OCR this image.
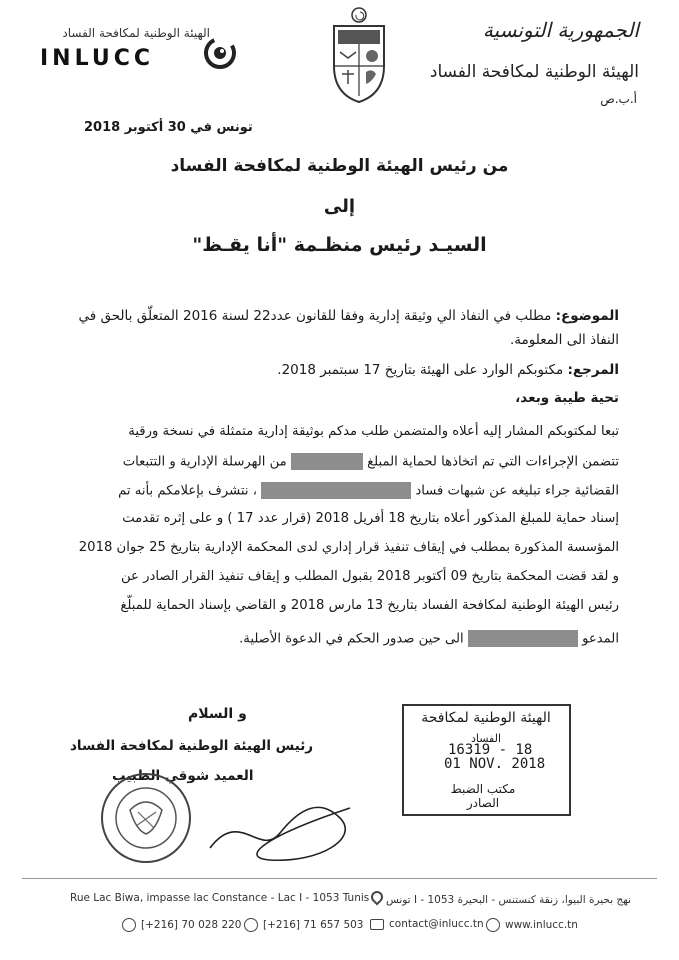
الجمهورية التونسية
الهيئة الوطنية لمكافحة الفساد
أ.ب.ص
الهيئة الوطنية لمكافحة الفساد
INLUCC
تونس في 30 أكتوبر 2018
من رئيس الهيئة الوطنية لمكافحة الفساد
إلى
السيـد رئيس منظـمة "أنا يقـظ"
الموضوع: مطلب في النفاذ الي وثيقة إدارية وفقا للقانون عدد22 لسنة 2016 المتعلّق بالحق في النفاذ الى المعلومة.
المرجع: مكتوبكم الوارد على الهيئة بتاريخ 17 سبتمبر 2018.
تحية طيبة وبعد،
تبعا لمكتوبكم المشار إليه أعلاه والمتضمن طلب مدكم بوثيقة إدارية متمثلة في نسخة ورقية
تتضمن الإجراءات التي تم اتخاذها لحماية المبلغ  من الهرسلة الإدارية و التتبعات
القضائية جراء تبليغه عن شبهات فساد  ، نتشرف بإعلامكم بأنه تم
إسناد حماية للمبلغ المذكور أعلاه بتاريخ 18 أفريل 2018 (قرار عدد 17 ) و على إثره تقدمت
المؤسسة المذكورة بمطلب في إيقاف تنفيذ قرار إداري لدى المحكمة الإدارية بتاريخ 25 جوان 2018
و لقد قضت المحكمة بتاريخ 09 أكتوبر 2018 بقبول المطلب و إيقاف تنفيذ القرار الصادر عن
رئيس الهيئة الوطنية لمكافحة الفساد بتاريخ 13 مارس 2018 و القاضي بإسناد الحماية للمبلّغ
المدعو  الى حين صدور الحكم في الدعوة الأصلية.
و السلام
رئيس الهيئة الوطنية لمكافحة الفساد
العميد شوقي الطبيب
الهيئة الوطنية لمكافحة
الفساد
16319 - 18
01 NOV. 2018
مكتب الضبط
الصادر
Rue Lac Biwa, impasse lac Constance - Lac I - 1053 Tunis	نهج بحيرة البيوا، زنقة كنستنس - البحيرة I - 1053 تونس
[+216] 70 028 220 [+216] 71 657 503 contact@inlucc.tn www.inlucc.tn
